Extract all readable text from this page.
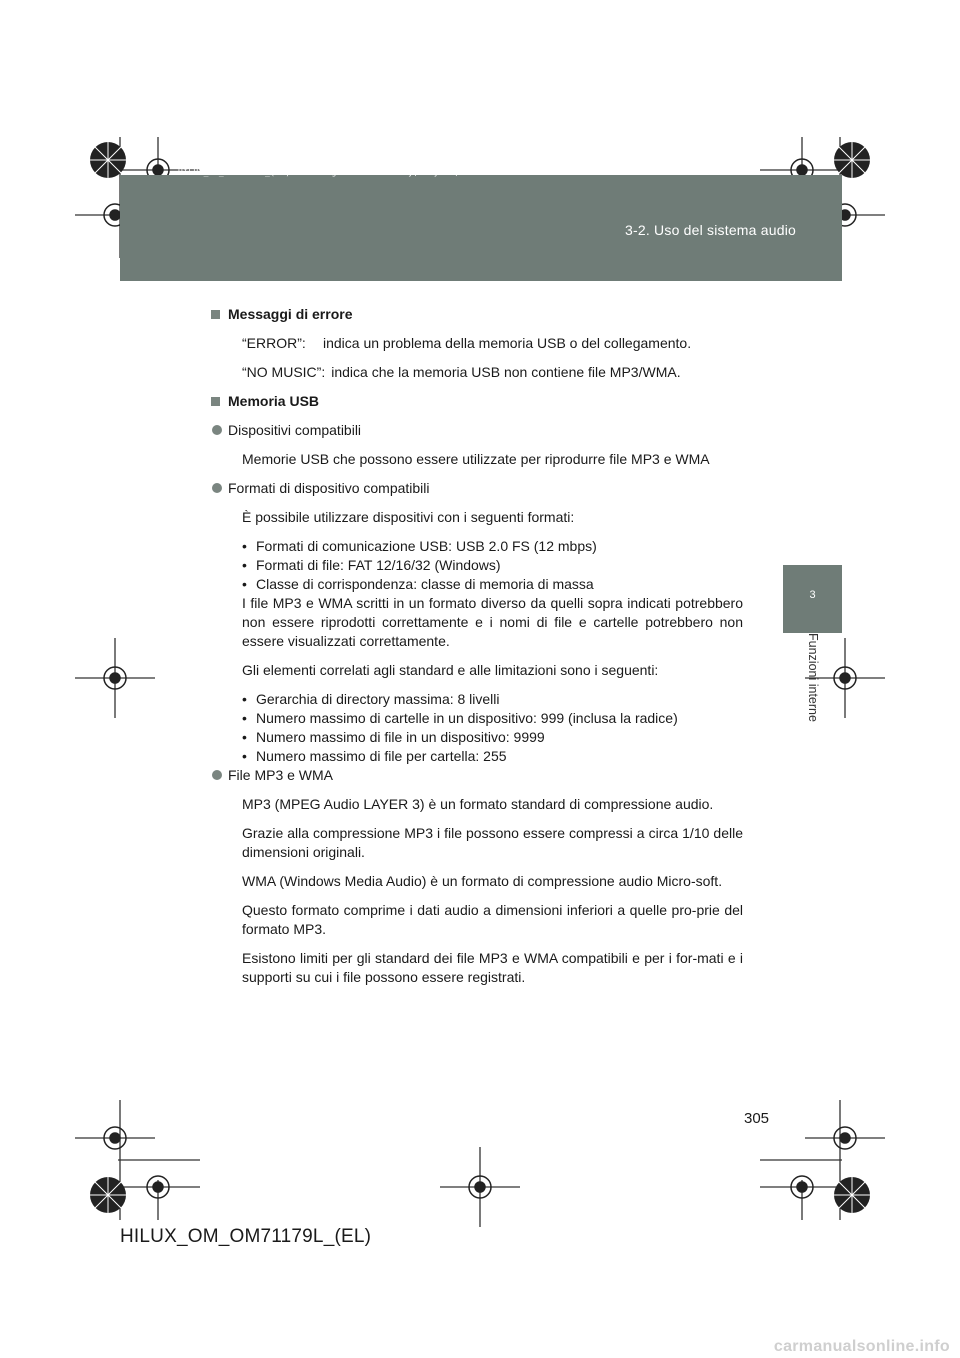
3-2. Uso del sistema audio
HILUX_OM_OM71179L_(EL).book Page 305 Wednesday, May 16, 2012 11:37 AM
3
Funzioni interne
Messaggi di errore
“ERROR”:	indica un problema della memoria USB o del collegamento.
“NO MUSIC”: indica che la memoria USB non contiene file MP3/WMA.
Memoria USB
Dispositivi compatibili
Memorie USB che possono essere utilizzate per riprodurre file MP3 e WMA
Formati di dispositivo compatibili
È possibile utilizzare dispositivi con i seguenti formati:
• Formati di comunicazione USB: USB 2.0 FS (12 mbps)
• Formati di file: FAT 12/16/32 (Windows)
• Classe di corrispondenza: classe di memoria di massa
I file MP3 e WMA scritti in un formato diverso da quelli sopra indicati potrebbero non essere riprodotti correttamente e i nomi di file e cartelle potrebbero non essere visualizzati correttamente.
Gli elementi correlati agli standard e alle limitazioni sono i seguenti:
• Gerarchia di directory massima: 8 livelli
• Numero massimo di cartelle in un dispositivo: 999 (inclusa la radice)
• Numero massimo di file in un dispositivo: 9999
• Numero massimo di file per cartella: 255
File MP3 e WMA
MP3 (MPEG Audio LAYER 3) è un formato standard di compressione audio.
Grazie alla compressione MP3 i file possono essere compressi a circa 1/10 delle dimensioni originali.
WMA (Windows Media Audio) è un formato di compressione audio Micro-soft.
Questo formato comprime i dati audio a dimensioni inferiori a quelle pro-prie del formato MP3.
Esistono limiti per gli standard dei file MP3 e WMA compatibili e per i for-mati e i supporti su cui i file possono essere registrati.
305
HILUX_OM_OM71179L_(EL)
carmanualsonline.info
